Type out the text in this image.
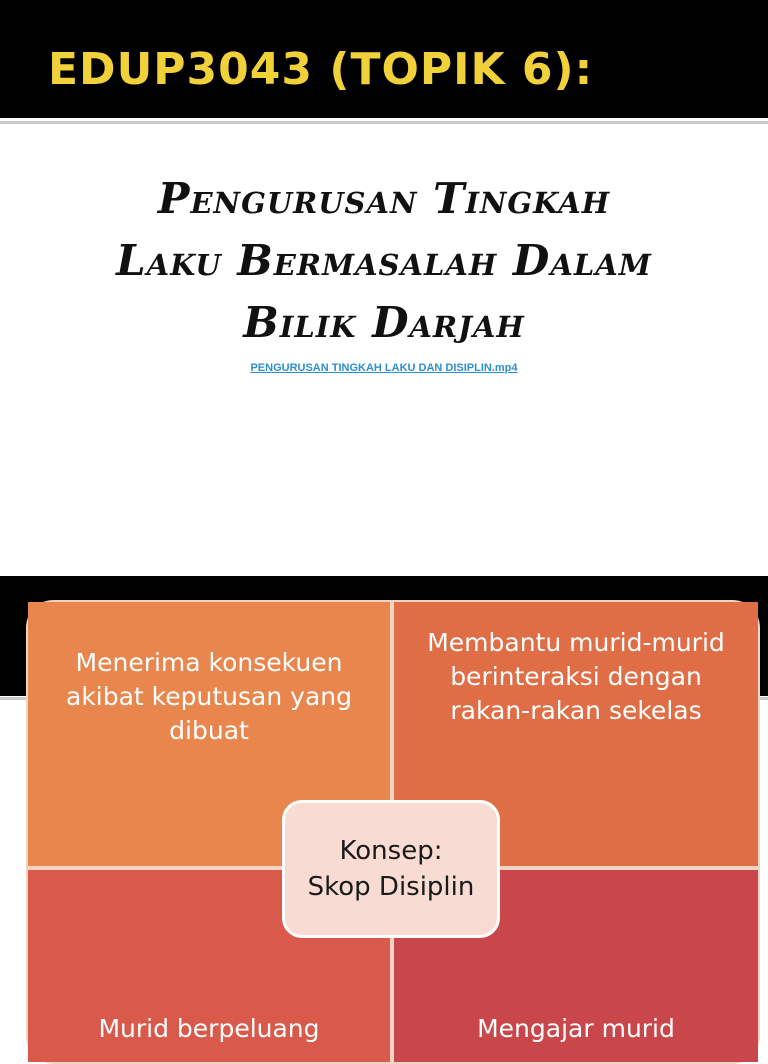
EDUP3043 (TOPIK 6):
Pengurusan Tingkah
Laku Bermasalah Dalam
Bilik Darjah
PENGURUSAN TINGKAH LAKU DAN DISIPLIN.mp4
Menerima konsekuen akibat keputusan yang dibuat
Membantu murid-murid berinteraksi dengan rakan-rakan sekelas
Murid berpeluang	Mengajar murid
Konsep:
Skop Disiplin
